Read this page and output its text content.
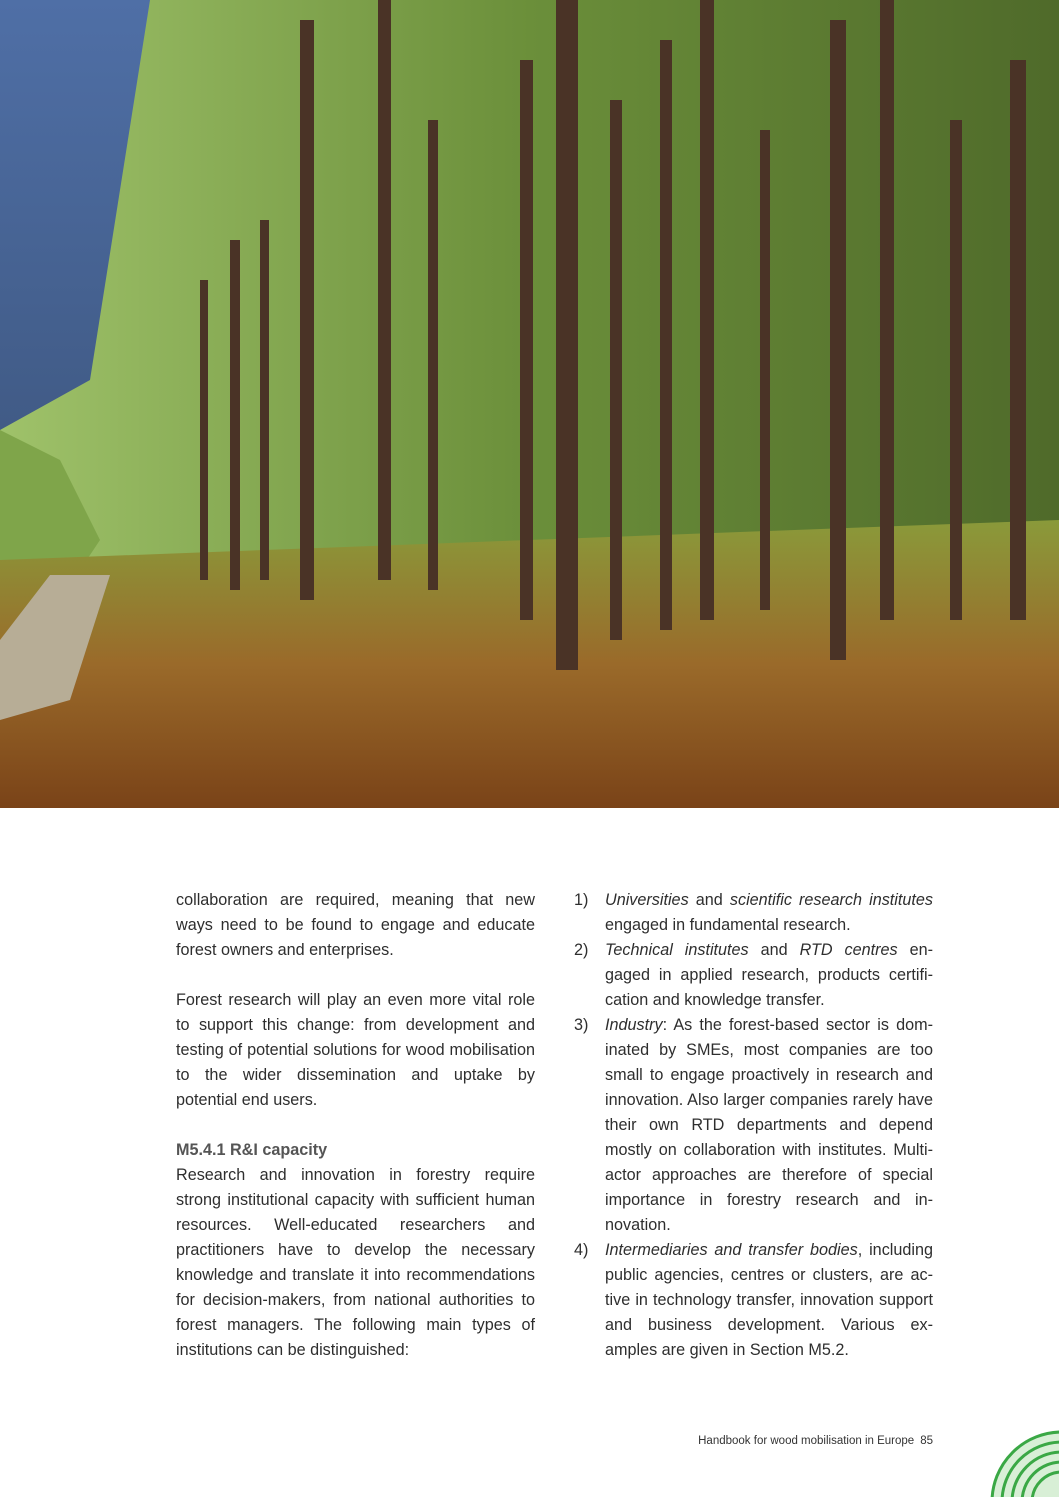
collaboration are required, meaning that new ways need to be found to engage and educate forest owners and enterprises.

Forest research will play an even more vital role to support this change: from development and testing of potential solutions for wood mobilisation to the wider dissemination and uptake by potential end users.

M5.4.1 R&I capacity

Research and innovation in forestry require strong institutional capacity with sufficient human resources. Well-educated researchers and practitioners have to develop the necessary knowledge and translate it into recommendations for decision-makers, from national authorities to forest managers. The following main types of institutions can be distinguished:

1) Universities and scientific research institutes engaged in fundamental research.
2) Technical institutes and RTD centres engaged in applied research, products certification and knowledge transfer.
3) Industry: As the forest-based sector is dominated by SMEs, most companies are too small to engage proactively in research and innovation. Also larger companies rarely have their own RTD departments and depend mostly on collaboration with institutes. Multi-actor approaches are therefore of special importance in forestry research and innovation.
4) Intermediaries and transfer bodies, including public agencies, centres or clusters, are active in technology transfer, innovation support and business development. Various examples are given in Section M5.2.
Handbook for wood mobilisation in Europe 85
